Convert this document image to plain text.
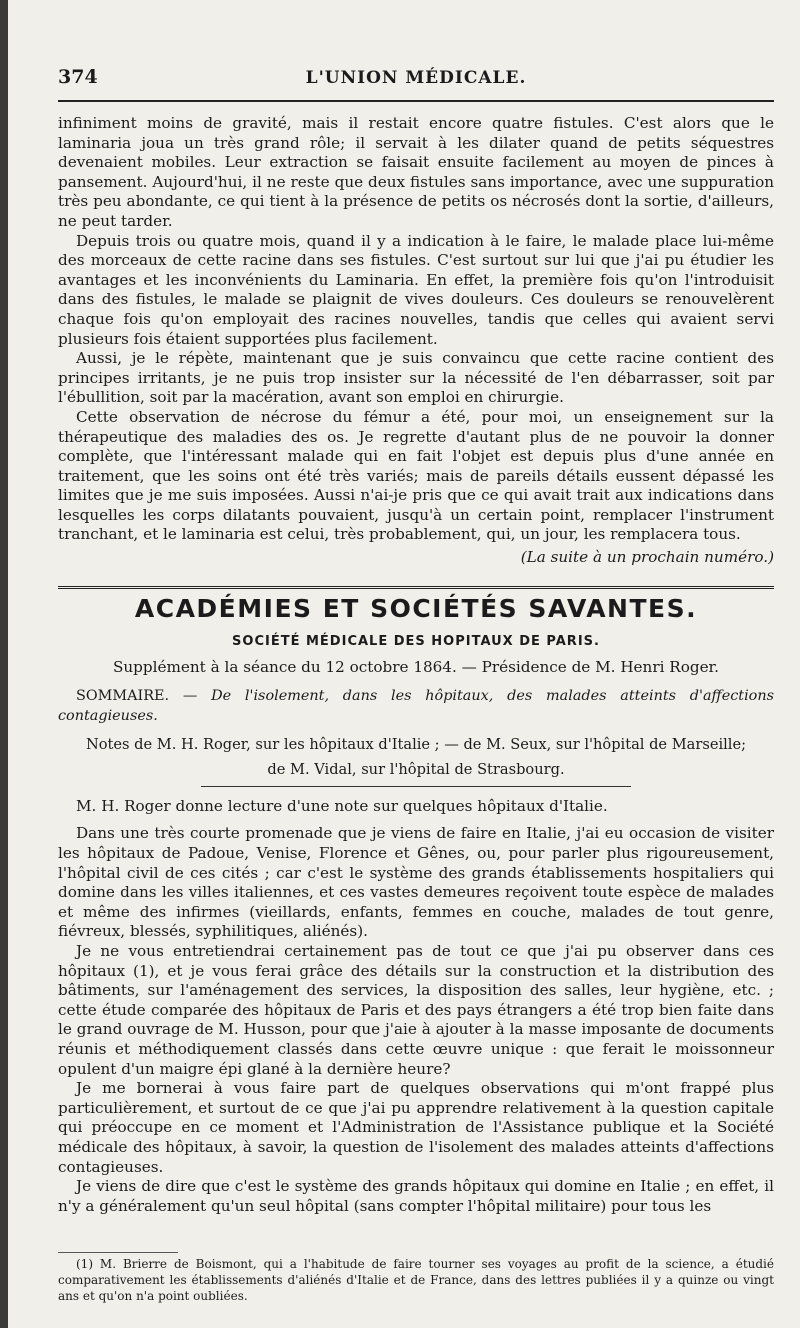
374	L'UNION MÉDICALE.

infiniment moins de gravité, mais il restait encore quatre fistules. C'est alors que le laminaria joua un très grand rôle; il servait à les dilater quand de petits séquestres devenaient mobiles. Leur extraction se faisait ensuite facilement au moyen de pinces à pansement. Aujourd'hui, il ne reste que deux fistules sans importance, avec une suppuration très peu abondante, ce qui tient à la présence de petits os nécrosés dont la sortie, d'ailleurs, ne peut tarder.

Depuis trois ou quatre mois, quand il y a indication à le faire, le malade place lui-même des morceaux de cette racine dans ses fistules. C'est surtout sur lui que j'ai pu étudier les avantages et les inconvénients du Laminaria. En effet, la première fois qu'on l'introduisit dans des fistules, le malade se plaignit de vives douleurs. Ces douleurs se renouvelèrent chaque fois qu'on employait des racines nouvelles, tandis que celles qui avaient servi plusieurs fois étaient supportées plus facilement.

Aussi, je le répète, maintenant que je suis convaincu que cette racine contient des principes irritants, je ne puis trop insister sur la nécessité de l'en débarrasser, soit par l'ébullition, soit par la macération, avant son emploi en chirurgie.

Cette observation de nécrose du fémur a été, pour moi, un enseignement sur la thérapeutique des maladies des os. Je regrette d'autant plus de ne pouvoir la donner complète, que l'intéressant malade qui en fait l'objet est depuis plus d'une année en traitement, que les soins ont été très variés; mais de pareils détails eussent dépassé les limites que je me suis imposées. Aussi n'ai-je pris que ce qui avait trait aux indications dans lesquelles les corps dilatants pouvaient, jusqu'à un certain point, remplacer l'instrument tranchant, et le laminaria est celui, très probablement, qui, un jour, les remplacera tous.

(La suite à un prochain numéro.)
ACADÉMIES ET SOCIÉTÉS SAVANTES.
SOCIÉTÉ MÉDICALE DES HOPITAUX DE PARIS.
Supplément à la séance du 12 octobre 1864. — Présidence de M. Henri Roger.

SOMMAIRE. — De l'isolement, dans les hôpitaux, des malades atteints d'affections contagieuses.

Notes de M. H. Roger, sur les hôpitaux d'Italie ; — de M. Seux, sur l'hôpital de Marseille;
de M. Vidal, sur l'hôpital de Strasbourg.

M. H. Roger donne lecture d'une note sur quelques hôpitaux d'Italie.

Dans une très courte promenade que je viens de faire en Italie, j'ai eu occasion de visiter les hôpitaux de Padoue, Venise, Florence et Gênes, ou, pour parler plus rigoureusement, l'hôpital civil de ces cités ; car c'est le système des grands établissements hospitaliers qui domine dans les villes italiennes, et ces vastes demeures reçoivent toute espèce de malades et même des infirmes (vieillards, enfants, femmes en couche, malades de tout genre, fiévreux, blessés, syphilitiques, aliénés).

Je ne vous entretiendrai certainement pas de tout ce que j'ai pu observer dans ces hôpitaux (1), et je vous ferai grâce des détails sur la construction et la distribution des bâtiments, sur l'aménagement des services, la disposition des salles, leur hygiène, etc. ; cette étude comparée des hôpitaux de Paris et des pays étrangers a été trop bien faite dans le grand ouvrage de M. Husson, pour que j'aie à ajouter à la masse imposante de documents réunis et méthodiquement classés dans cette œuvre unique : que ferait le moissonneur opulent d'un maigre épi glané à la dernière heure?

Je me bornerai à vous faire part de quelques observations qui m'ont frappé plus particulièrement, et surtout de ce que j'ai pu apprendre relativement à la question capitale qui préoccupe en ce moment et l'Administration de l'Assistance publique et la Société médicale des hôpitaux, à savoir, la question de l'isolement des malades atteints d'affections contagieuses.

Je viens de dire que c'est le système des grands hôpitaux qui domine en Italie ; en effet, il n'y a généralement qu'un seul hôpital (sans compter l'hôpital militaire) pour tous les

(1) M. Brierre de Boismont, qui a l'habitude de faire tourner ses voyages au profit de la science, a étudié comparativement les établissements d'aliénés d'Italie et de France, dans des lettres publiées il y a quinze ou vingt ans et qu'on n'a point oubliées.
